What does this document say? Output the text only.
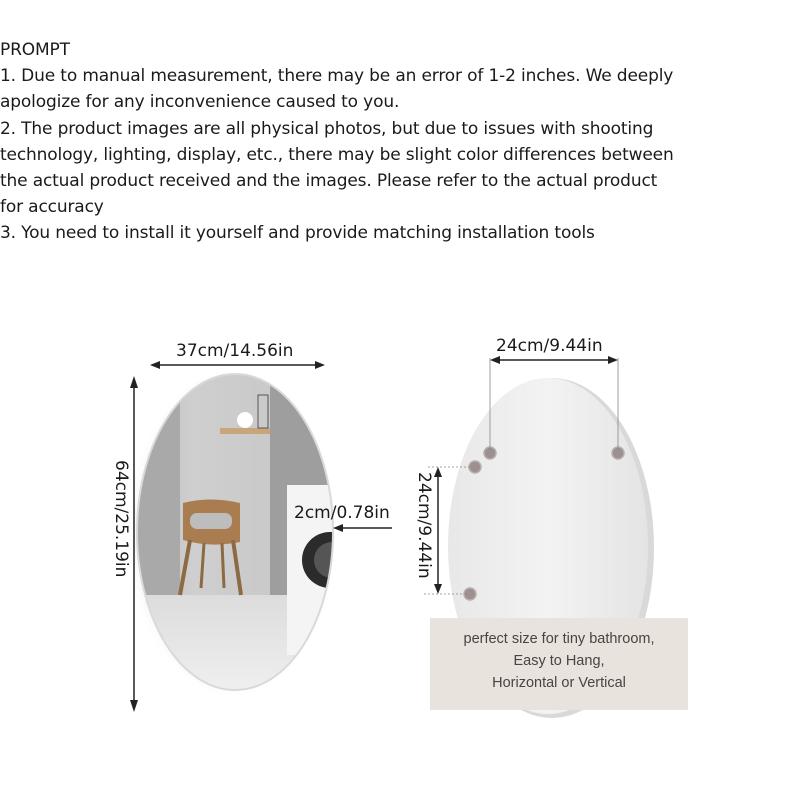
PROMPT

1. Due to manual measurement, there may be an error of 1-2 inches. We deeply

apologize for any inconvenience caused to you.

2. The product images are all physical photos, but due to issues with shooting

technology, lighting, display, etc., there may be slight color differences between

the actual product received and the images. Please refer to the actual product

for accuracy

3. You need to install it yourself and provide matching installation tools

37cm/14.56in
64cm/25.19in	2cm/0.78in
24cm/9.44in
24cm/9.44in
perfect size for tiny bathroom,
Easy to Hang,
Horizontal or Vertical
